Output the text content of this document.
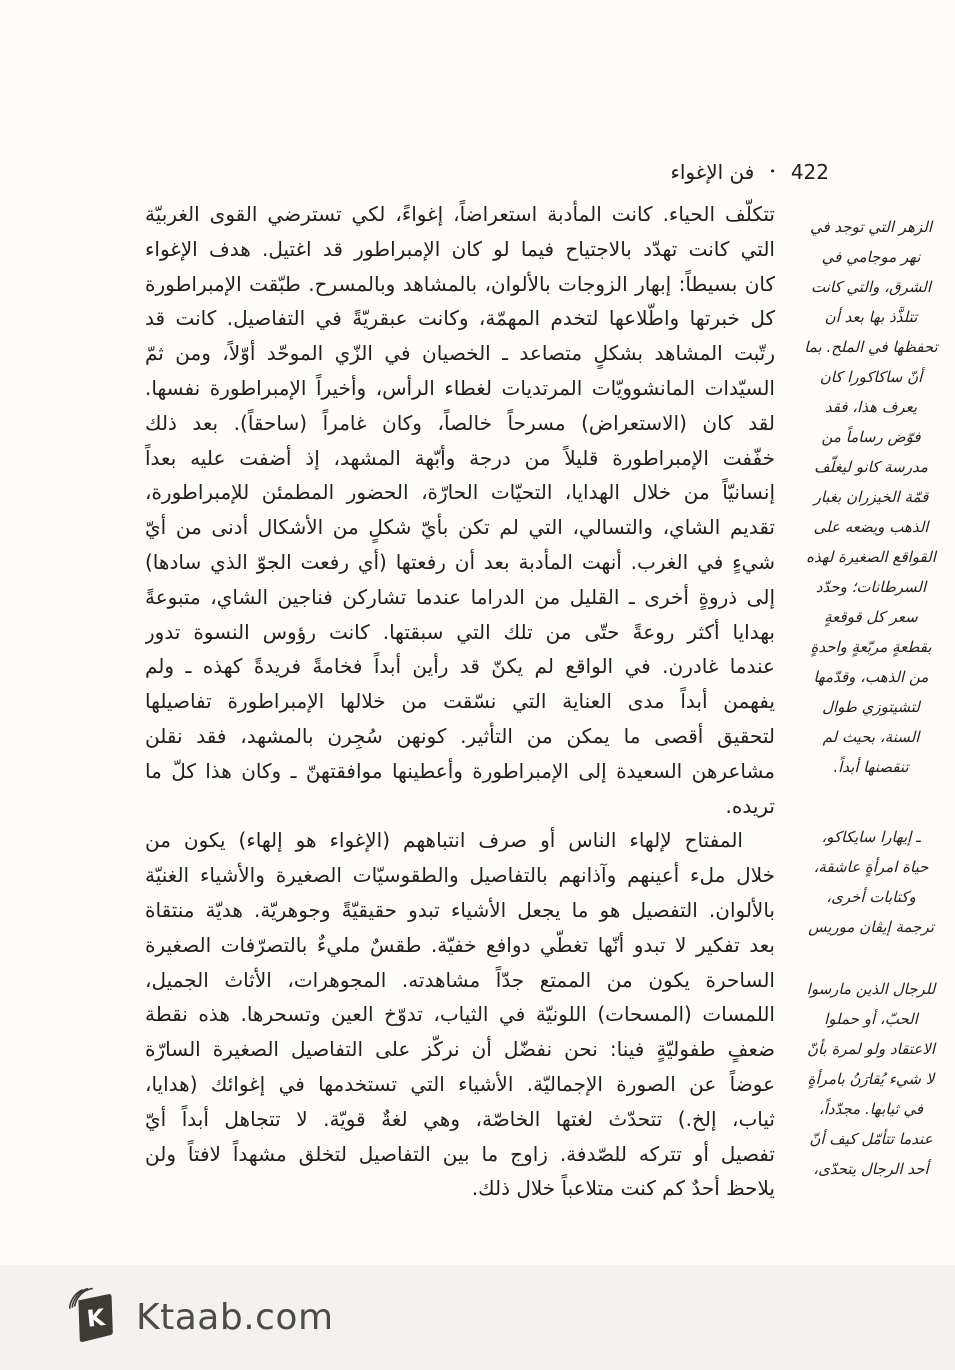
422
•
فن الإغواء
تتكلّف الحياء. كانت المأدبة استعراضاً، إغواءً، لكي تسترضي القوى الغربيّة
التي كانت تهدّد بالاجتياح فيما لو كان الإمبراطور قد اغتيل. هدف الإغواء
كان بسيطاً: إبهار الزوجات بالألوان، بالمشاهد وبالمسرح. طبّقت الإمبراطورة
كل خبرتها واطّلاعها لتخدم المهمّة، وكانت عبقريّةً في التفاصيل. كانت قد
رتّبت المشاهد بشكلٍ متصاعد ـ الخصيان في الزّي الموحّد أوّلاً، ومن ثمّ
السيّدات المانشوويّات المرتديات لغطاء الرأس، وأخيراً الإمبراطورة نفسها.
لقد كان (الاستعراض) مسرحاً خالصاً، وكان غامراً (ساحقاً). بعد ذلك
خفّفت الإمبراطورة قليلاً من درجة وأبّهة المشهد، إذ أضفت عليه بعداً
إنسانيّاً من خلال الهدايا، التحيّات الحارّة، الحضور المطمئن للإمبراطورة،
تقديم الشاي، والتسالي، التي لم تكن بأيّ شكلٍ من الأشكال أدنى من أيّ
شيءٍ في الغرب. أنهت المأدبة بعد أن رفعتها (أي رفعت الجوّ الذي سادها)
إلى ذروةٍ أخرى ـ القليل من الدراما عندما تشاركن فناجين الشاي، متبوعةً
بهدايا أكثر روعةً حتّى من تلك التي سبقتها. كانت رؤوس النسوة تدور
عندما غادرن. في الواقع لم يكنّ قد رأين أبداً فخامةً فريدةً كهذه ـ ولم
يفهمن أبداً مدى العناية التي نسّقت من خلالها الإمبراطورة تفاصيلها
لتحقيق أقصى ما يمكن من التأثير. كونهن سُجِرن بالمشهد، فقد نقلن
مشاعرهن السعيدة إلى الإمبراطورة وأعطينها موافقتهنّ ـ وكان هذا كلّ ما
تريده.
المفتاح لإلهاء الناس أو صرف انتباههم (الإغواء هو إلهاء) يكون من
خلال ملء أعينهم وآذانهم بالتفاصيل والطقوسيّات الصغيرة والأشياء الغنيّة
بالألوان. التفصيل هو ما يجعل الأشياء تبدو حقيقيّةً وجوهريّة. هديّة منتقاة
بعد تفكير لا تبدو أنّها تغطّي دوافع خفيّة. طقسٌ مليءٌ بالتصرّفات الصغيرة
الساحرة يكون من الممتع جدّاً مشاهدته. المجوهرات، الأثاث الجميل،
اللمسات (المسحات) اللونيّة في الثياب، تدوّخ العين وتسحرها. هذه نقطة
ضعفٍ طفوليّةٍ فينا: نحن نفضّل أن نركّز على التفاصيل الصغيرة السارّة
عوضاً عن الصورة الإجماليّة. الأشياء التي تستخدمها في إغوائك (هدايا،
ثياب، إلخ.) تتحدّث لغتها الخاصّة، وهي لغةٌ قويّة. لا تتجاهل أبداً أيّ
تفصيل أو تتركه للصّدفة. زاوج ما بين التفاصيل لتخلق مشهداً لافتاً ولن
يلاحظ أحدٌ كم كنت متلاعباً خلال ذلك.
الزهر التي توجد في
نهر موجامي في
الشرق، والتي كانت
تتلذَّذ بها بعد أن
تحفظها في الملح. بما
أنّ ساكاكورا كان
يعرف هذا، فقد
فوّض رساماً من
مدرسة كانو ليغلّف
قمّة الخيزران بغبار
الذهب ويضعه على
القواقع الصغيرة لهذه
السرطانات؛ وحدّد
سعر كل قوقعةٍ
بقطعةٍ مربّعةٍ واحدةٍ
من الذهب، وقدّمها
لتشيتوزي طوال
السنة، بحيث لم
تنقصنها أبداً.
ـ إيهارا سايكاكو،
حياة امرأةٍ عاشقة،
وكتابات أخرى،
ترجمة إيڤان موريس
للرجال الذين مارسوا
الحبّ، أو حملوا
الاعتقاد ولو لمرة بأنّ
لا شيء يُقارَنُ بامرأةٍ
في ثيابها. مجدّداً،
عندما تتأمّل كيف أنّ
أحد الرجال يتحدّى،
K Ktaab.com
